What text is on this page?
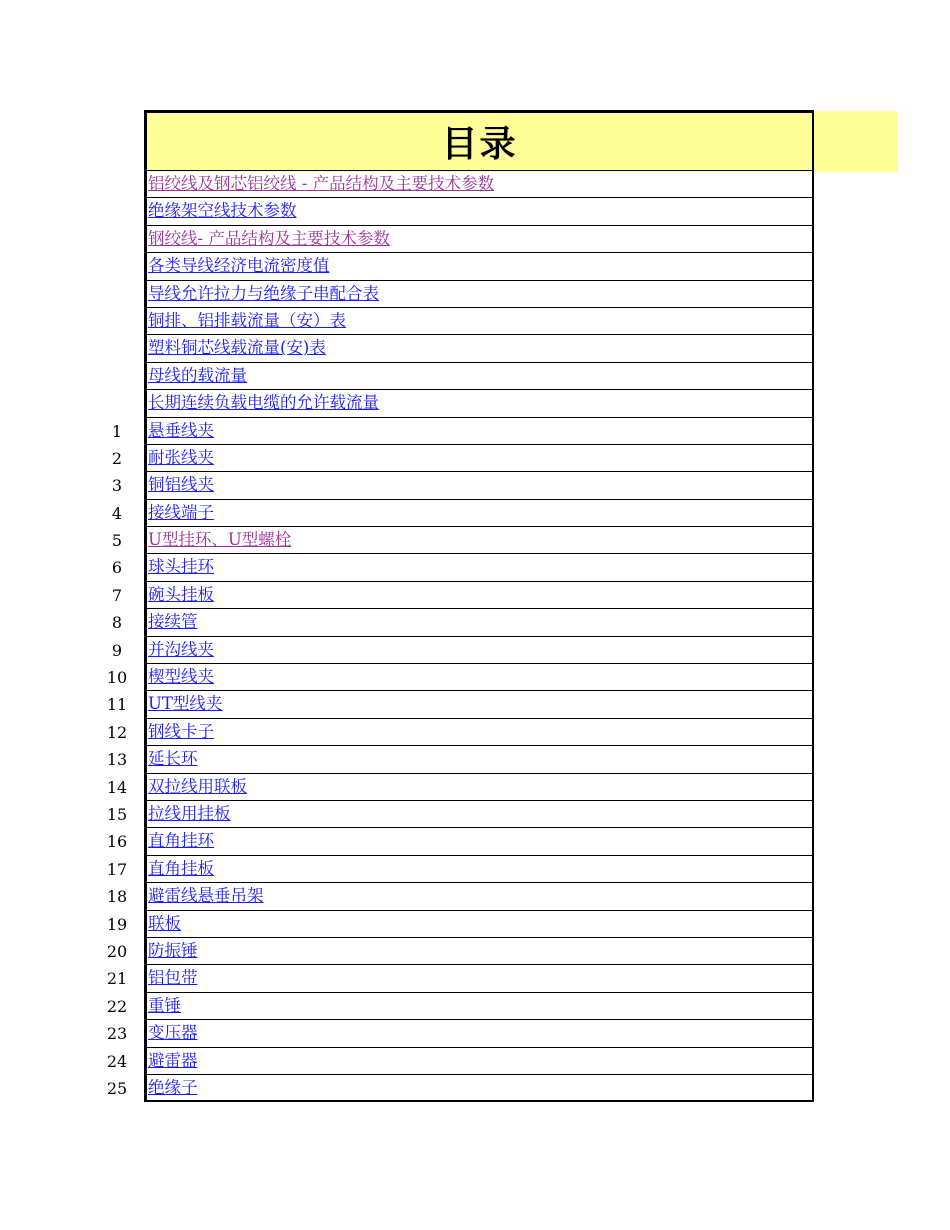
目录
铝绞线及钢芯铝绞线 - 产品结构及主要技术参数
绝缘架空线技术参数
钢绞线- 产品结构及主要技术参数
各类导线经济电流密度值
导线允许拉力与绝缘子串配合表
铜排、铝排载流量（安）表
塑料铜芯线载流量(安)表
母线的载流量
长期连续负载电缆的允许载流量
1	悬垂线夹
2	耐张线夹
3	铜铝线夹
4	接线端子
5	U型挂环、U型螺栓
6	球头挂环
7	碗头挂板
8	接续管
9	并沟线夹
10	楔型线夹
11	UT型线夹
12	钢线卡子
13	延长环
14	双拉线用联板
15	拉线用挂板
16	直角挂环
17	直角挂板
18	避雷线悬垂吊架
19	联板
20	防振锤
21	铝包带
22	重锤
23	变压器
24	避雷器
25	绝缘子
